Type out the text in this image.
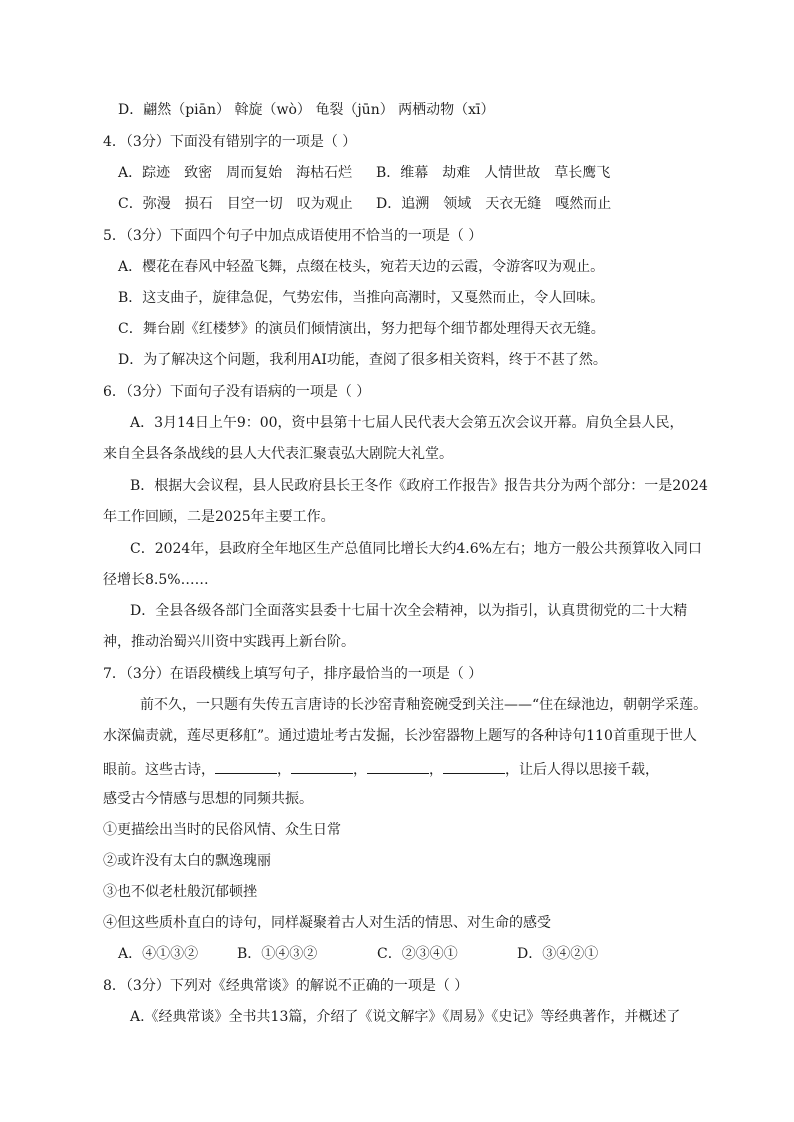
D．翩然（piān） 斡旋（wò） 龟裂（jūn） 两栖动物（xī）
4．（3分）下面没有错别字的一项是（ ）
A．踪迹　致密　周而复始　海枯石烂 B．维幕　劫难　人情世故　草长鹰飞
C．弥漫　损石　目空一切　叹为观止 D．追溯　领域　天衣无缝　嘎然而止
5．（3分）下面四个句子中加点成语使用不恰当的一项是（ ）
A．樱花在春风中轻盈飞舞，点缀在枝头，宛若天边的云霞，令游客叹为观止。
B．这支曲子，旋律急促，气势宏伟，当推向高潮时，又戛然而止，令人回味。
C．舞台剧《红楼梦》的演员们倾情演出，努力把每个细节都处理得天衣无缝。
D．为了解决这个问题，我利用AI功能，查阅了很多相关资料，终于不甚了然。
6．（3分）下面句子没有语病的一项是（ ）
A．3月14日上午9：00，资中县第十七届人民代表大会第五次会议开幕。肩负全县人民，
来自全县各条战线的县人大代表汇聚袁弘大剧院大礼堂。
B．根据大会议程，县人民政府县长王冬作《政府工作报告》报告共分为两个部分：一是2024
年工作回顾，二是2025年主要工作。
C．2024年，县政府全年地区生产总值同比增长大约4.6%左右；地方一般公共预算收入同口
径增长8.5%……
D．全县各级各部门全面落实县委十七届十次全会精神，以为指引，认真贯彻党的二十大精
神，推动治蜀兴川资中实践再上新台阶。
7．（3分）在语段横线上填写句子，排序最恰当的一项是（ ）
前不久，一只题有失传五言唐诗的长沙窑青釉瓷碗受到关注——“住在绿池边，朝朝学采莲。
水深偏责就，莲尽更移舡”。通过遗址考古发掘，长沙窑器物上题写的各种诗句110首重现于世人
眼前。这些古诗，	，	，	，	，让后人得以思接千载，
感受古今情感与思想的同频共振。
①更描绘出当时的民俗风情、众生日常
②或许没有太白的飘逸瑰丽
③也不似老杜般沉郁顿挫
④但这些质朴直白的诗句，同样凝聚着古人对生活的情思、对生命的感受
A．④①③②	B．①④③②	C．②③④①	D．③④②①
8．（3分）下列对《经典常谈》的解说不正确的一项是（ ）
A.《经典常谈》全书共13篇，介绍了《说文解字》《周易》《史记》等经典著作，并概述了
